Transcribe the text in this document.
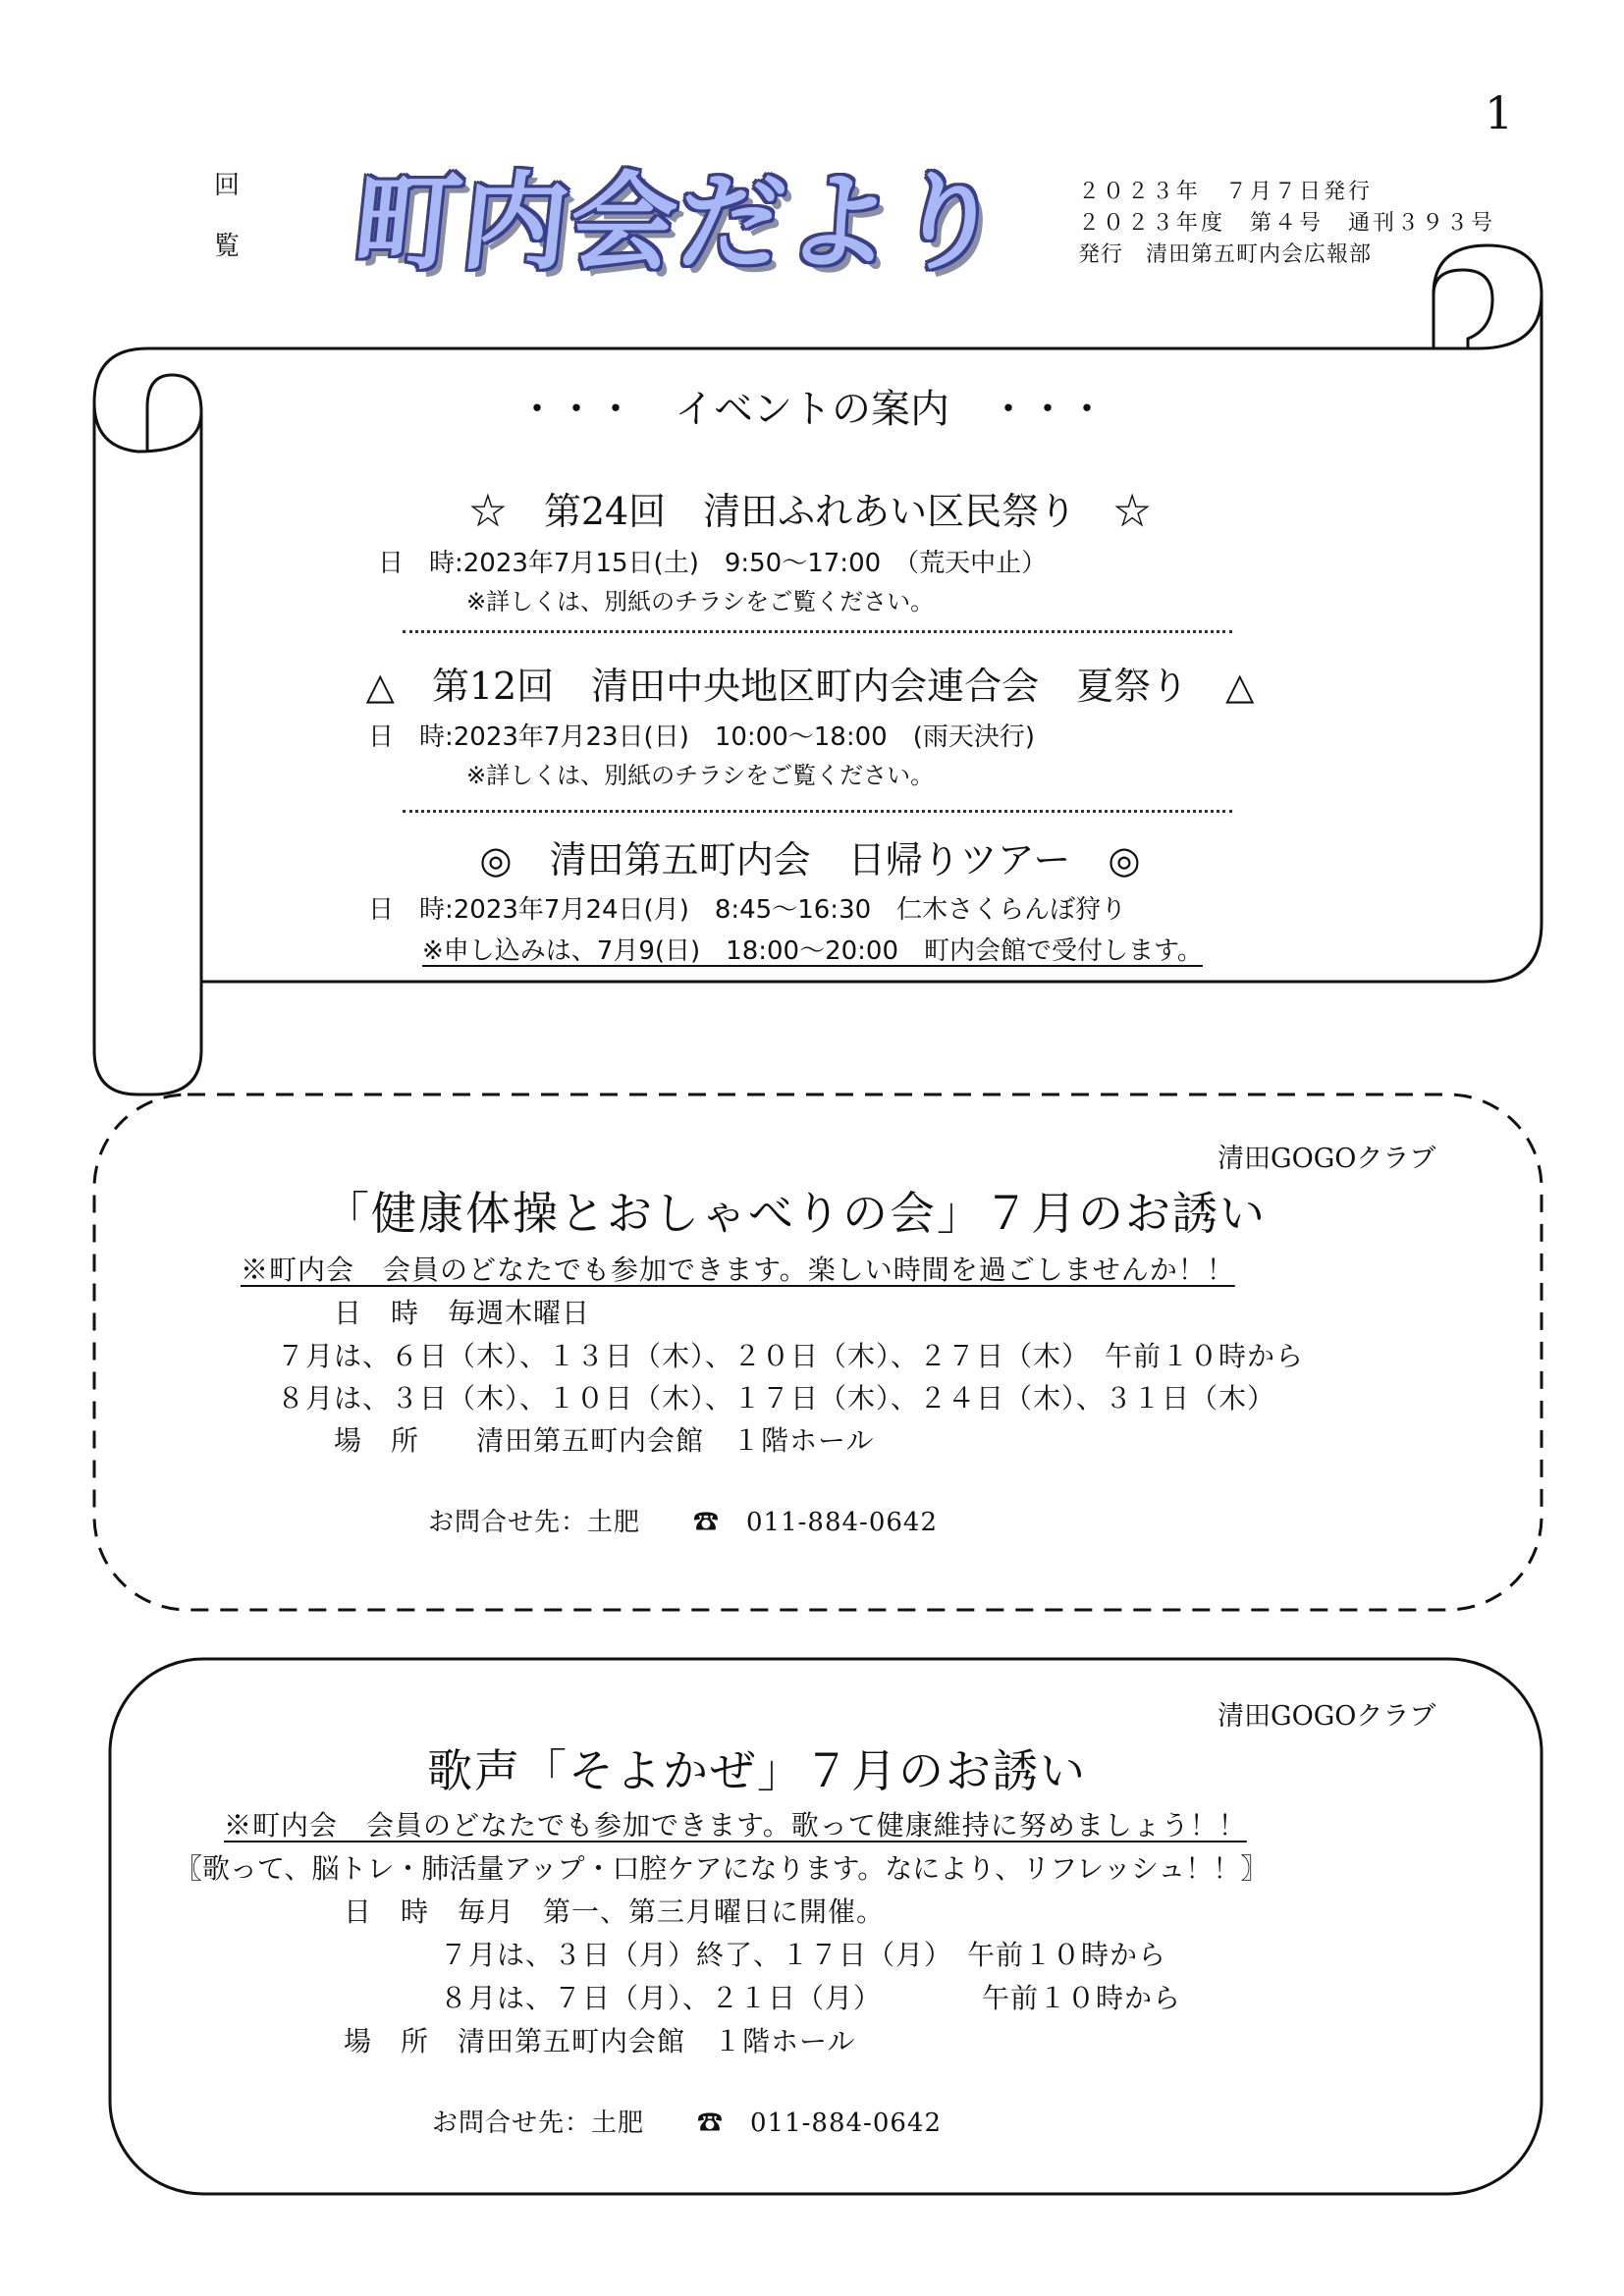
1
回覧 町内会だより	２０２３年　７月７日発行
２０２３年度　第４号　通刊３９３号
発行　清田第五町内会広報部
・・・　イベントの案内　・・・
☆　第24回　清田ふれあい区民祭り　☆
日　時:2023年7月15日(土)　9:50～17:00　（荒天中止）
※詳しくは、別紙のチラシをご覧ください。
△　第12回　清田中央地区町内会連合会　夏祭り　△
日　時:2023年7月23日(日)　10:00～18:00　(雨天決行)
※詳しくは、別紙のチラシをご覧ください。
◎　清田第五町内会　日帰りツアー　◎
日　時:2023年7月24日(月)　8:45～16:30　仁木さくらんぼ狩り
※申し込みは、7月9(日)　18:00～20:00　町内会館で受付します。
清田GOGOクラブ
「健康体操とおしゃべりの会」７月のお誘い
※町内会　会員のどなたでも参加できます。楽しい時間を過ごしませんか！！
日　時　毎週木曜日
７月は、６日（木）、１３日（木）、２０日（木）、２７日（木）　午前１０時から
８月は、３日（木）、１０日（木）、１７日（木）、２４日（木）、３１日（木）
場　所　　清田第五町内会館　１階ホール
お問合せ先：土肥　　☎　011-884-0642
清田GOGOクラブ
歌声「そよかぜ」７月のお誘い
※町内会　会員のどなたでも参加できます。歌って健康維持に努めましょう！！
〖歌って、脳トレ・肺活量アップ・口腔ケアになります。なにより、リフレッシュ！！〗
日　時　毎月　第一、第三月曜日に開催。
７月は、３日（月）終了、１７日（月）　午前１０時から
８月は、７日（月）、２１日（月）　　　　午前１０時から
場　所　清田第五町内会館　１階ホール
お問合せ先：土肥　　☎　011-884-0642
